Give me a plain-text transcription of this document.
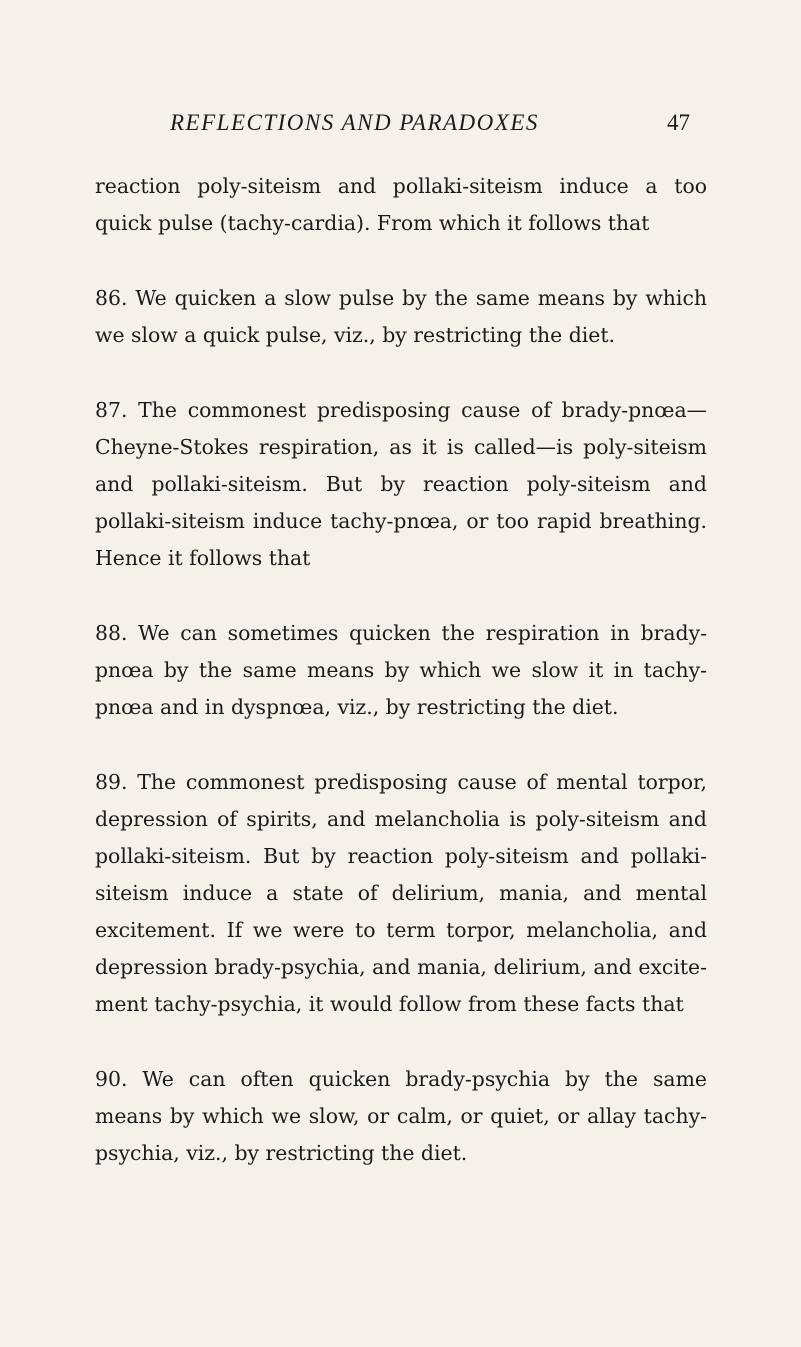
REFLECTIONS AND PARADOXES	47

reaction poly-siteism and pollaki-siteism induce a too quick pulse (tachy-cardia). From which it follows that

86. We quicken a slow pulse by the same means by which we slow a quick pulse, viz., by restricting the diet.

87. The commonest predisposing cause of brady-pnœa— Cheyne-Stokes respiration, as it is called—is poly-siteism and pollaki-siteism. But by reaction poly-siteism and pollaki-siteism induce tachy-pnœa, or too rapid breathing. Hence it follows that

88. We can sometimes quicken the respiration in brady-pnœa by the same means by which we slow it in tachy-pnœa and in dyspnœa, viz., by restricting the diet.

89. The commonest predisposing cause of mental torpor, depression of spirits, and melancholia is poly-siteism and pollaki-siteism. But by reaction poly-siteism and pollaki-siteism induce a state of delirium, mania, and mental excitement. If we were to term torpor, melancholia, and depression brady-psychia, and mania, delirium, and excite-ment tachy-psychia, it would follow from these facts that

90. We can often quicken brady-psychia by the same means by which we slow, or calm, or quiet, or allay tachy-psychia, viz., by restricting the diet.
